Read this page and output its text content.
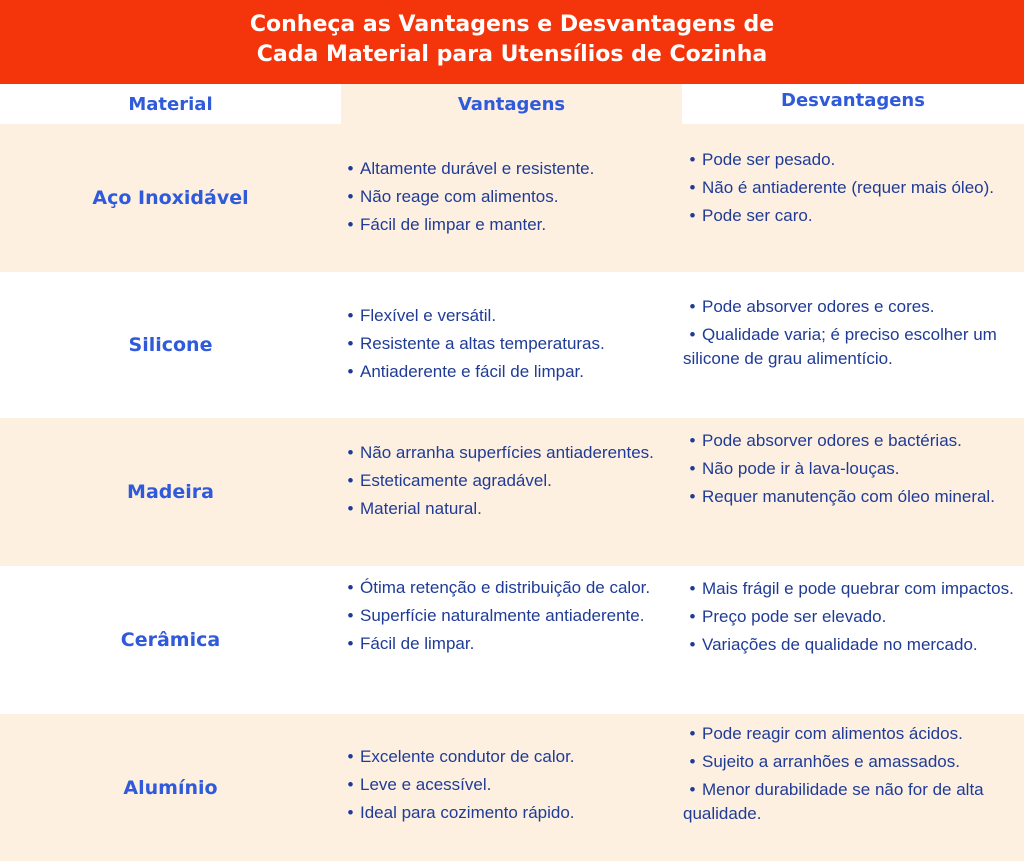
Conheça as Vantagens e Desvantagens de
Cada Material para Utensílios de Cozinha
Material	Vantagens	Desvantagens
Aço Inoxidável
• Altamente durável e resistente.
• Não reage com alimentos.
• Fácil de limpar e manter.
• Pode ser pesado.
• Não é antiaderente (requer mais óleo).
• Pode ser caro.
Silicone
• Flexível e versátil.
• Resistente a altas temperaturas.
• Antiaderente e fácil de limpar.
• Pode absorver odores e cores.
• Qualidade varia; é preciso escolher um silicone de grau alimentício.
Madeira
• Não arranha superfícies antiaderentes.
• Esteticamente agradável.
• Material natural.
• Pode absorver odores e bactérias.
• Não pode ir à lava-louças.
• Requer manutenção com óleo mineral.
Cerâmica
• Ótima retenção e distribuição de calor.
• Superfície naturalmente antiaderente.
• Fácil de limpar.
• Mais frágil e pode quebrar com impactos.
• Preço pode ser elevado.
• Variações de qualidade no mercado.
Alumínio
• Excelente condutor de calor.
• Leve e acessível.
• Ideal para cozimento rápido.
• Pode reagir com alimentos ácidos.
• Sujeito a arranhões e amassados.
• Menor durabilidade se não for de alta qualidade.
